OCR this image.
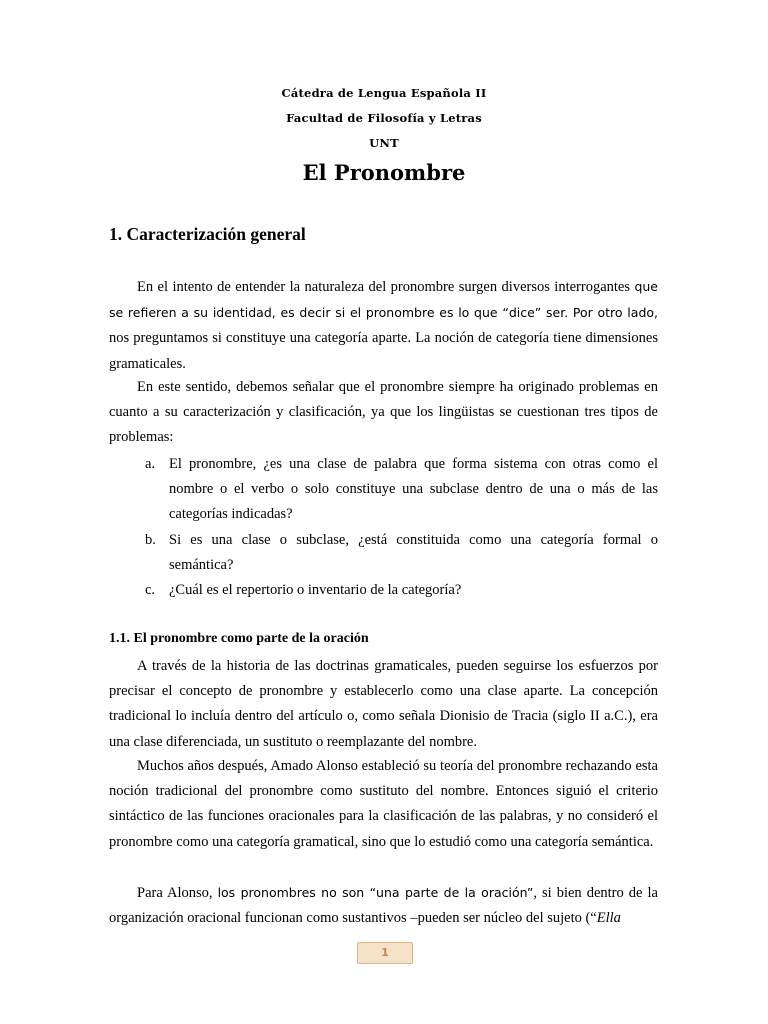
Cátedra de Lengua Española II
Facultad de Filosofía y Letras
UNT
El Pronombre
1. Caracterización general
En el intento de entender la naturaleza del pronombre surgen diversos interrogantes que se refieren a su identidad, es decir si el pronombre es lo que “dice” ser. Por otro lado, nos preguntamos si constituye una categoría aparte. La noción de categoría tiene dimensiones gramaticales.
En este sentido, debemos señalar que el pronombre siempre ha originado problemas en cuanto a su caracterización y clasificación, ya que los lingüistas se cuestionan tres tipos de problemas:
a. El pronombre, ¿es una clase de palabra que forma sistema con otras como el nombre o el verbo o solo constituye una subclase dentro de una o más de las categorías indicadas?
b. Si es una clase o subclase, ¿está constituida como una categoría formal o semántica?
c. ¿Cuál es el repertorio o inventario de la categoría?
1.1. El pronombre como parte de la oración
A través de la historia de las doctrinas gramaticales, pueden seguirse los esfuerzos por precisar el concepto de pronombre y establecerlo como una clase aparte. La concepción tradicional lo incluía dentro del artículo o, como señala Dionisio de Tracia (siglo II a.C.), era una clase diferenciada, un sustituto o reemplazante del nombre.
Muchos años después, Amado Alonso estableció su teoría del pronombre rechazando esta noción tradicional del pronombre como sustituto del nombre. Entonces siguió el criterio sintáctico de las funciones oracionales para la clasificación de las palabras, y no consideró el pronombre como una categoría gramatical, sino que lo estudió como una categoría semántica.
Para Alonso, los pronombres no son “una parte de la oración”, si bien dentro de la organización oracional funcionan como sustantivos –pueden ser núcleo del sujeto (“Ella
1
